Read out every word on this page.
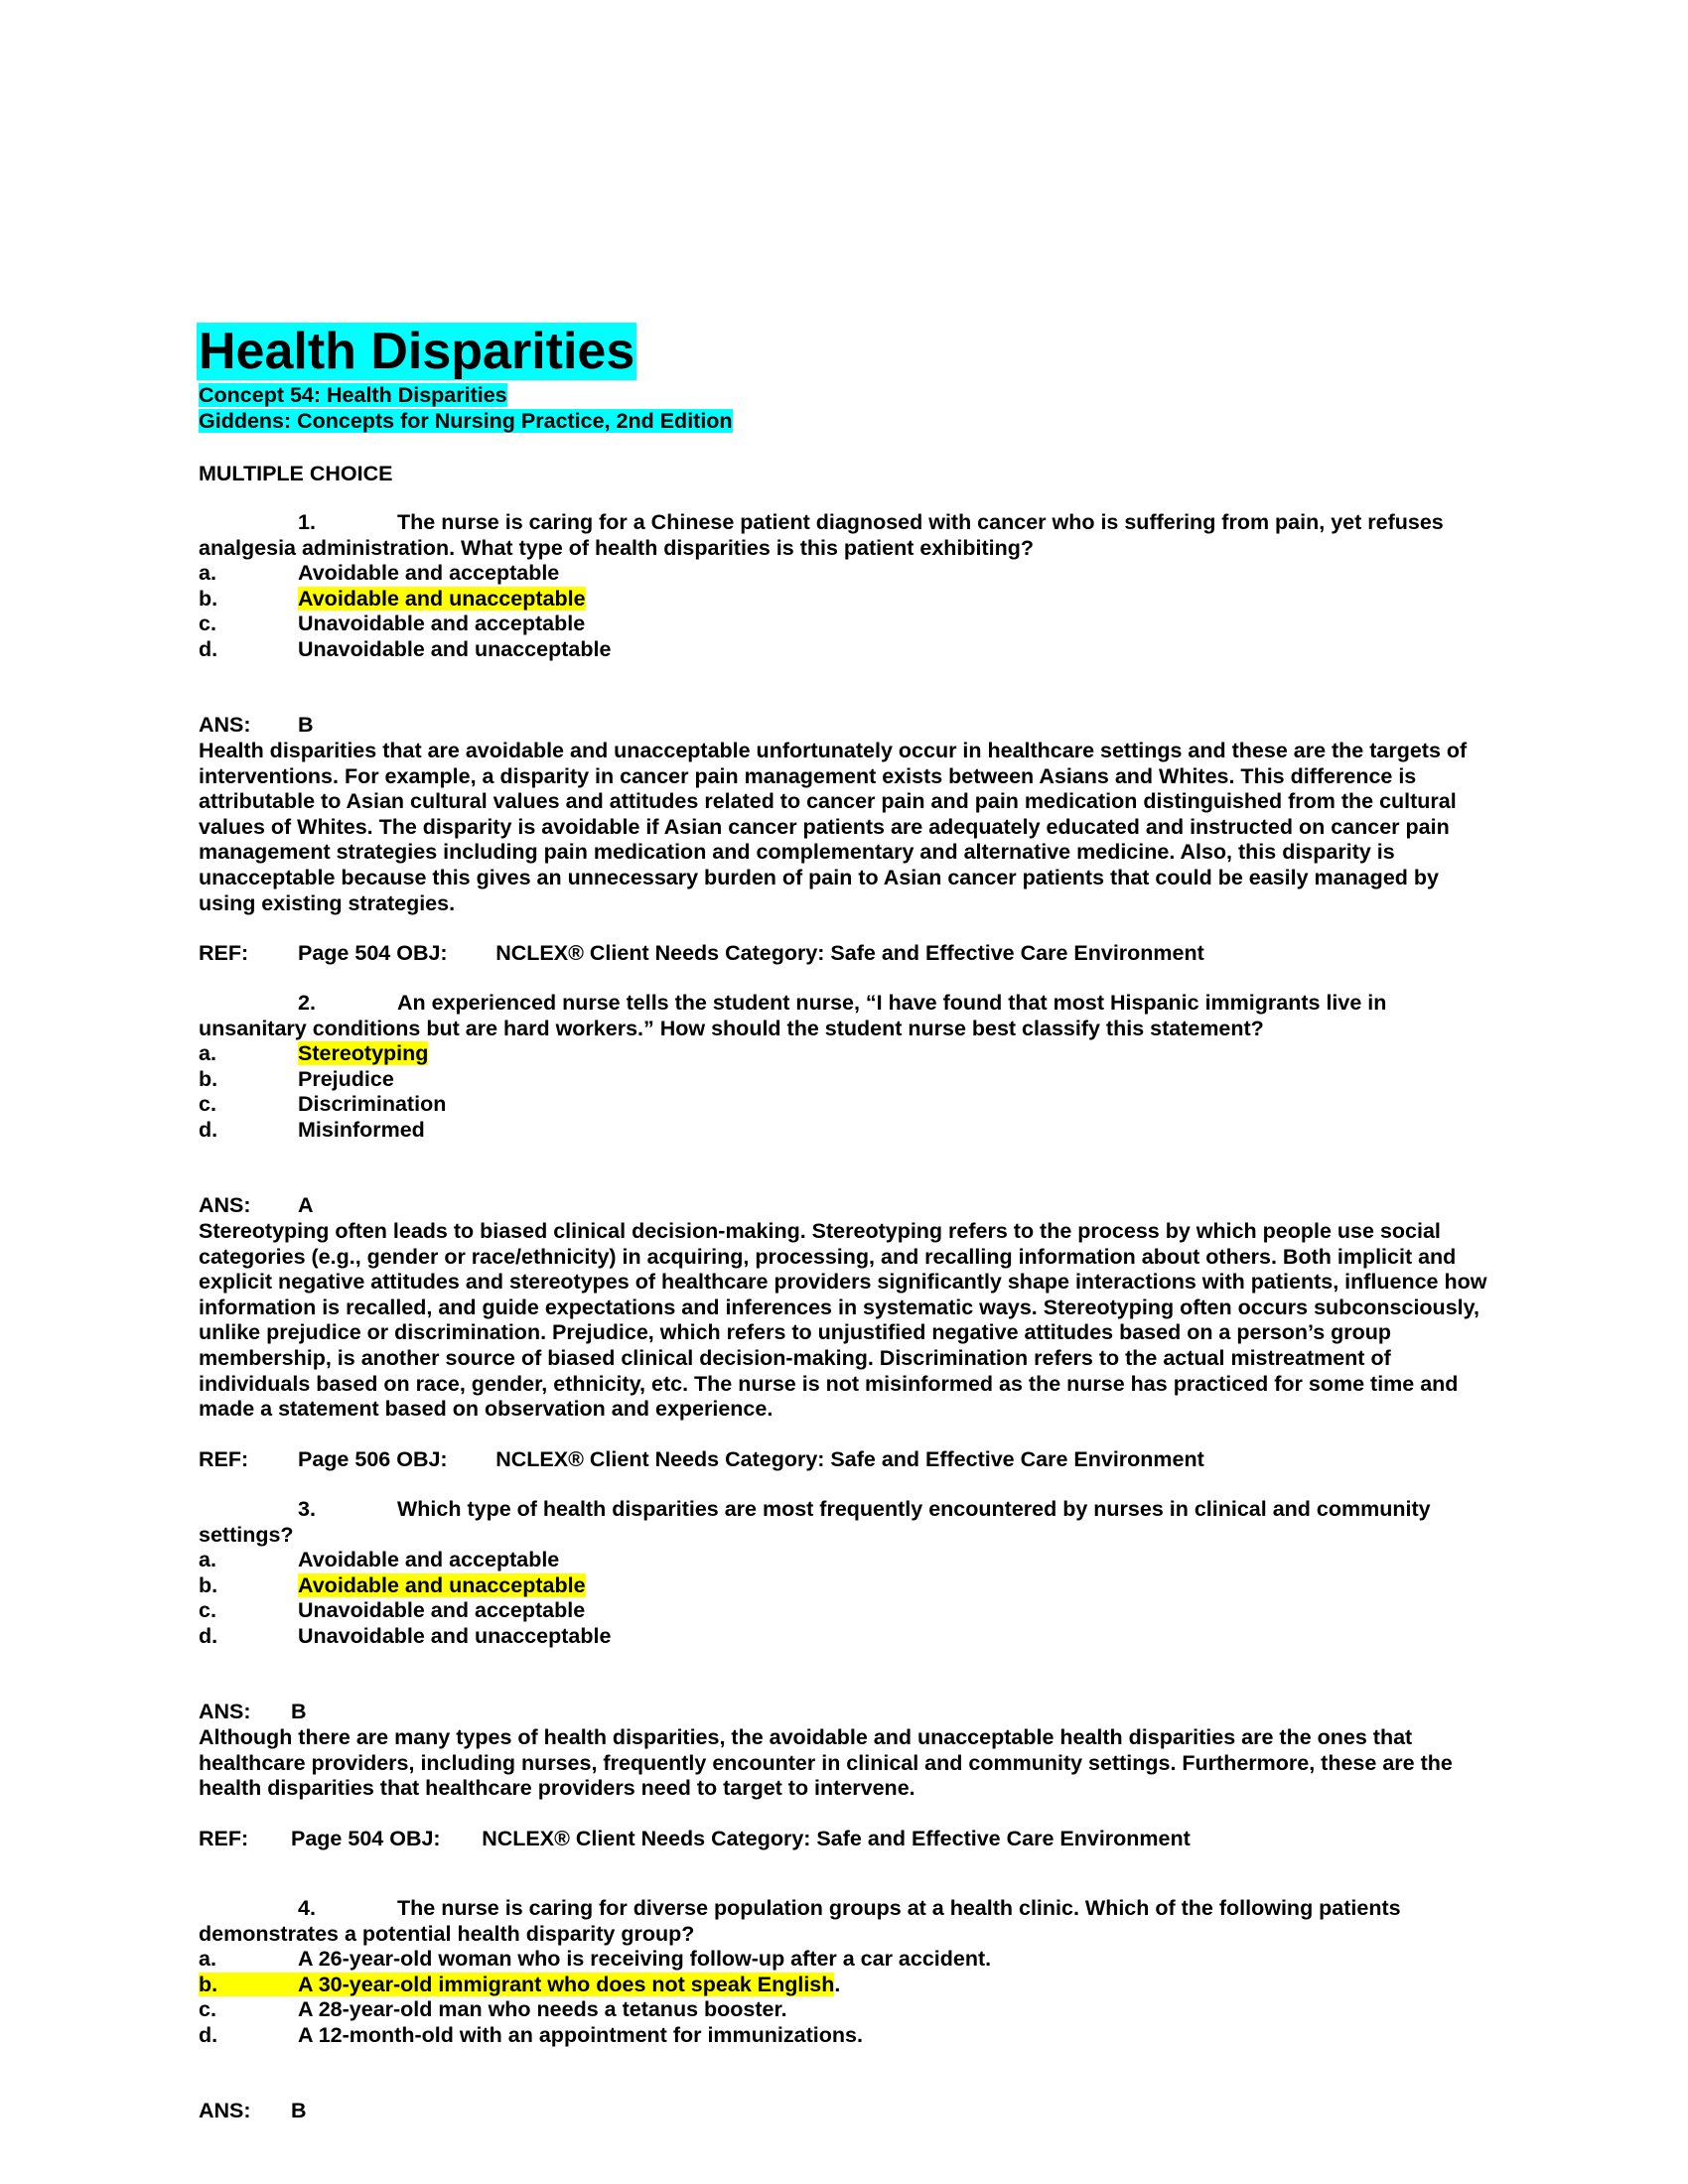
Health Disparities
Concept 54: Health Disparities
Giddens: Concepts for Nursing Practice, 2nd Edition
MULTIPLE CHOICE
1.	The nurse is caring for a Chinese patient diagnosed with cancer who is suffering from pain, yet refuses analgesia administration. What type of health disparities is this patient exhibiting?
a.	Avoidable and acceptable
b.	Avoidable and unacceptable
c.	Unavoidable and acceptable
d.	Unavoidable and unacceptable
ANS: B
Health disparities that are avoidable and unacceptable unfortunately occur in healthcare settings and these are the targets of interventions. For example, a disparity in cancer pain management exists between Asians and Whites. This difference is attributable to Asian cultural values and attitudes related to cancer pain and pain medication distinguished from the cultural values of Whites. The disparity is avoidable if Asian cancer patients are adequately educated and instructed on cancer pain management strategies including pain medication and complementary and alternative medicine. Also, this disparity is unacceptable because this gives an unnecessary burden of pain to Asian cancer patients that could be easily managed by using existing strategies.
REF: Page 504 OBJ: NCLEX® Client Needs Category: Safe and Effective Care Environment
2.	An experienced nurse tells the student nurse, “I have found that most Hispanic immigrants live in unsanitary conditions but are hard workers.” How should the student nurse best classify this statement?
a.	Stereotyping
b.	Prejudice
c.	Discrimination
d.	Misinformed
ANS: A
Stereotyping often leads to biased clinical decision-making. Stereotyping refers to the process by which people use social categories (e.g., gender or race/ethnicity) in acquiring, processing, and recalling information about others. Both implicit and explicit negative attitudes and stereotypes of healthcare providers significantly shape interactions with patients, influence how information is recalled, and guide expectations and inferences in systematic ways. Stereotyping often occurs subconsciously, unlike prejudice or discrimination. Prejudice, which refers to unjustified negative attitudes based on a person’s group membership, is another source of biased clinical decision-making. Discrimination refers to the actual mistreatment of individuals based on race, gender, ethnicity, etc. The nurse is not misinformed as the nurse has practiced for some time and made a statement based on observation and experience.
REF: Page 506 OBJ: NCLEX® Client Needs Category: Safe and Effective Care Environment
3.	Which type of health disparities are most frequently encountered by nurses in clinical and community settings?
a.	Avoidable and acceptable
b.	Avoidable and unacceptable
c.	Unavoidable and acceptable
d.	Unavoidable and unacceptable
ANS: B
Although there are many types of health disparities, the avoidable and unacceptable health disparities are the ones that healthcare providers, including nurses, frequently encounter in clinical and community settings. Furthermore, these are the health disparities that healthcare providers need to target to intervene.
REF: Page 504 OBJ: NCLEX® Client Needs Category: Safe and Effective Care Environment
4.	The nurse is caring for diverse population groups at a health clinic. Which of the following patients demonstrates a potential health disparity group?
a.	A 26-year-old woman who is receiving follow-up after a car accident.
b.	A 30-year-old immigrant who does not speak English.
c.	A 28-year-old man who needs a tetanus booster.
d.	A 12-month-old with an appointment for immunizations.
ANS: B
